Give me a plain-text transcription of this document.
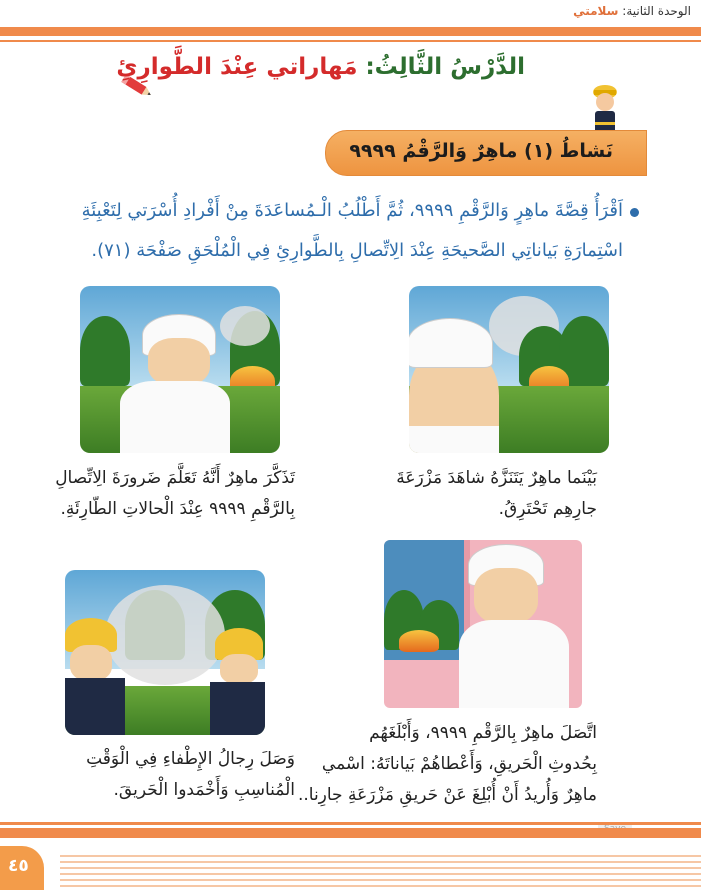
الوحدة الثانية: سلامتي
الدَّرْسُ الثَّالِثُ: مَهاراتي عِنْدَ الطَّوارِئِ
نَشاطُ (١) ماهِرٌ وَالرَّقْمُ ٩٩٩٩
اَقْرَأُ قِصَّةَ ماهِرٍ وَالرَّقْمِ ٩٩٩٩، ثُمَّ أَطْلُبُ الْـمُساعَدَةَ مِنْ أَفْرادِ أُسْرَتي لِتَعْبِئَةِ
اسْتِمارَةِ بَياناتِي الصَّحيحَةِ عِنْدَ الِاتِّصالِ بِالطَّوارِئِ فِي الْمُلْحَقِ صَفْحَة (٧١).
بَيْنَما ماهِرٌ يَتَنَزَّهُ شاهَدَ مَزْرَعَةَ
جارِهِم تَحْتَرِقُ.
تَذَكَّرَ ماهِرٌ أَنَّهُ تَعَلَّمَ ضَرورَةَ الِاتِّصالِ
بِالرَّقْمِ ٩٩٩٩ عِنْدَ الْحالاتِ الطّارِئَةِ.
اتَّصَلَ ماهِرٌ بِالرَّقْمِ ٩٩٩٩، وَأَبْلَغَهُم
بِحُدوثِ الْحَريقِ، وَأَعْطاهُمْ بَياناتَهُ: اسْمي
ماهِرٌ وَأُريدُ أَنْ أُبْلِغَ عَنْ حَريقِ مَزْرَعَةِ جارِنا..
وَصَلَ رِجالُ الإِطْفاءِ فِي الْوَقْتِ
الْمُناسِبِ وَأَخْمَدوا الْحَريقَ.
٤٥
